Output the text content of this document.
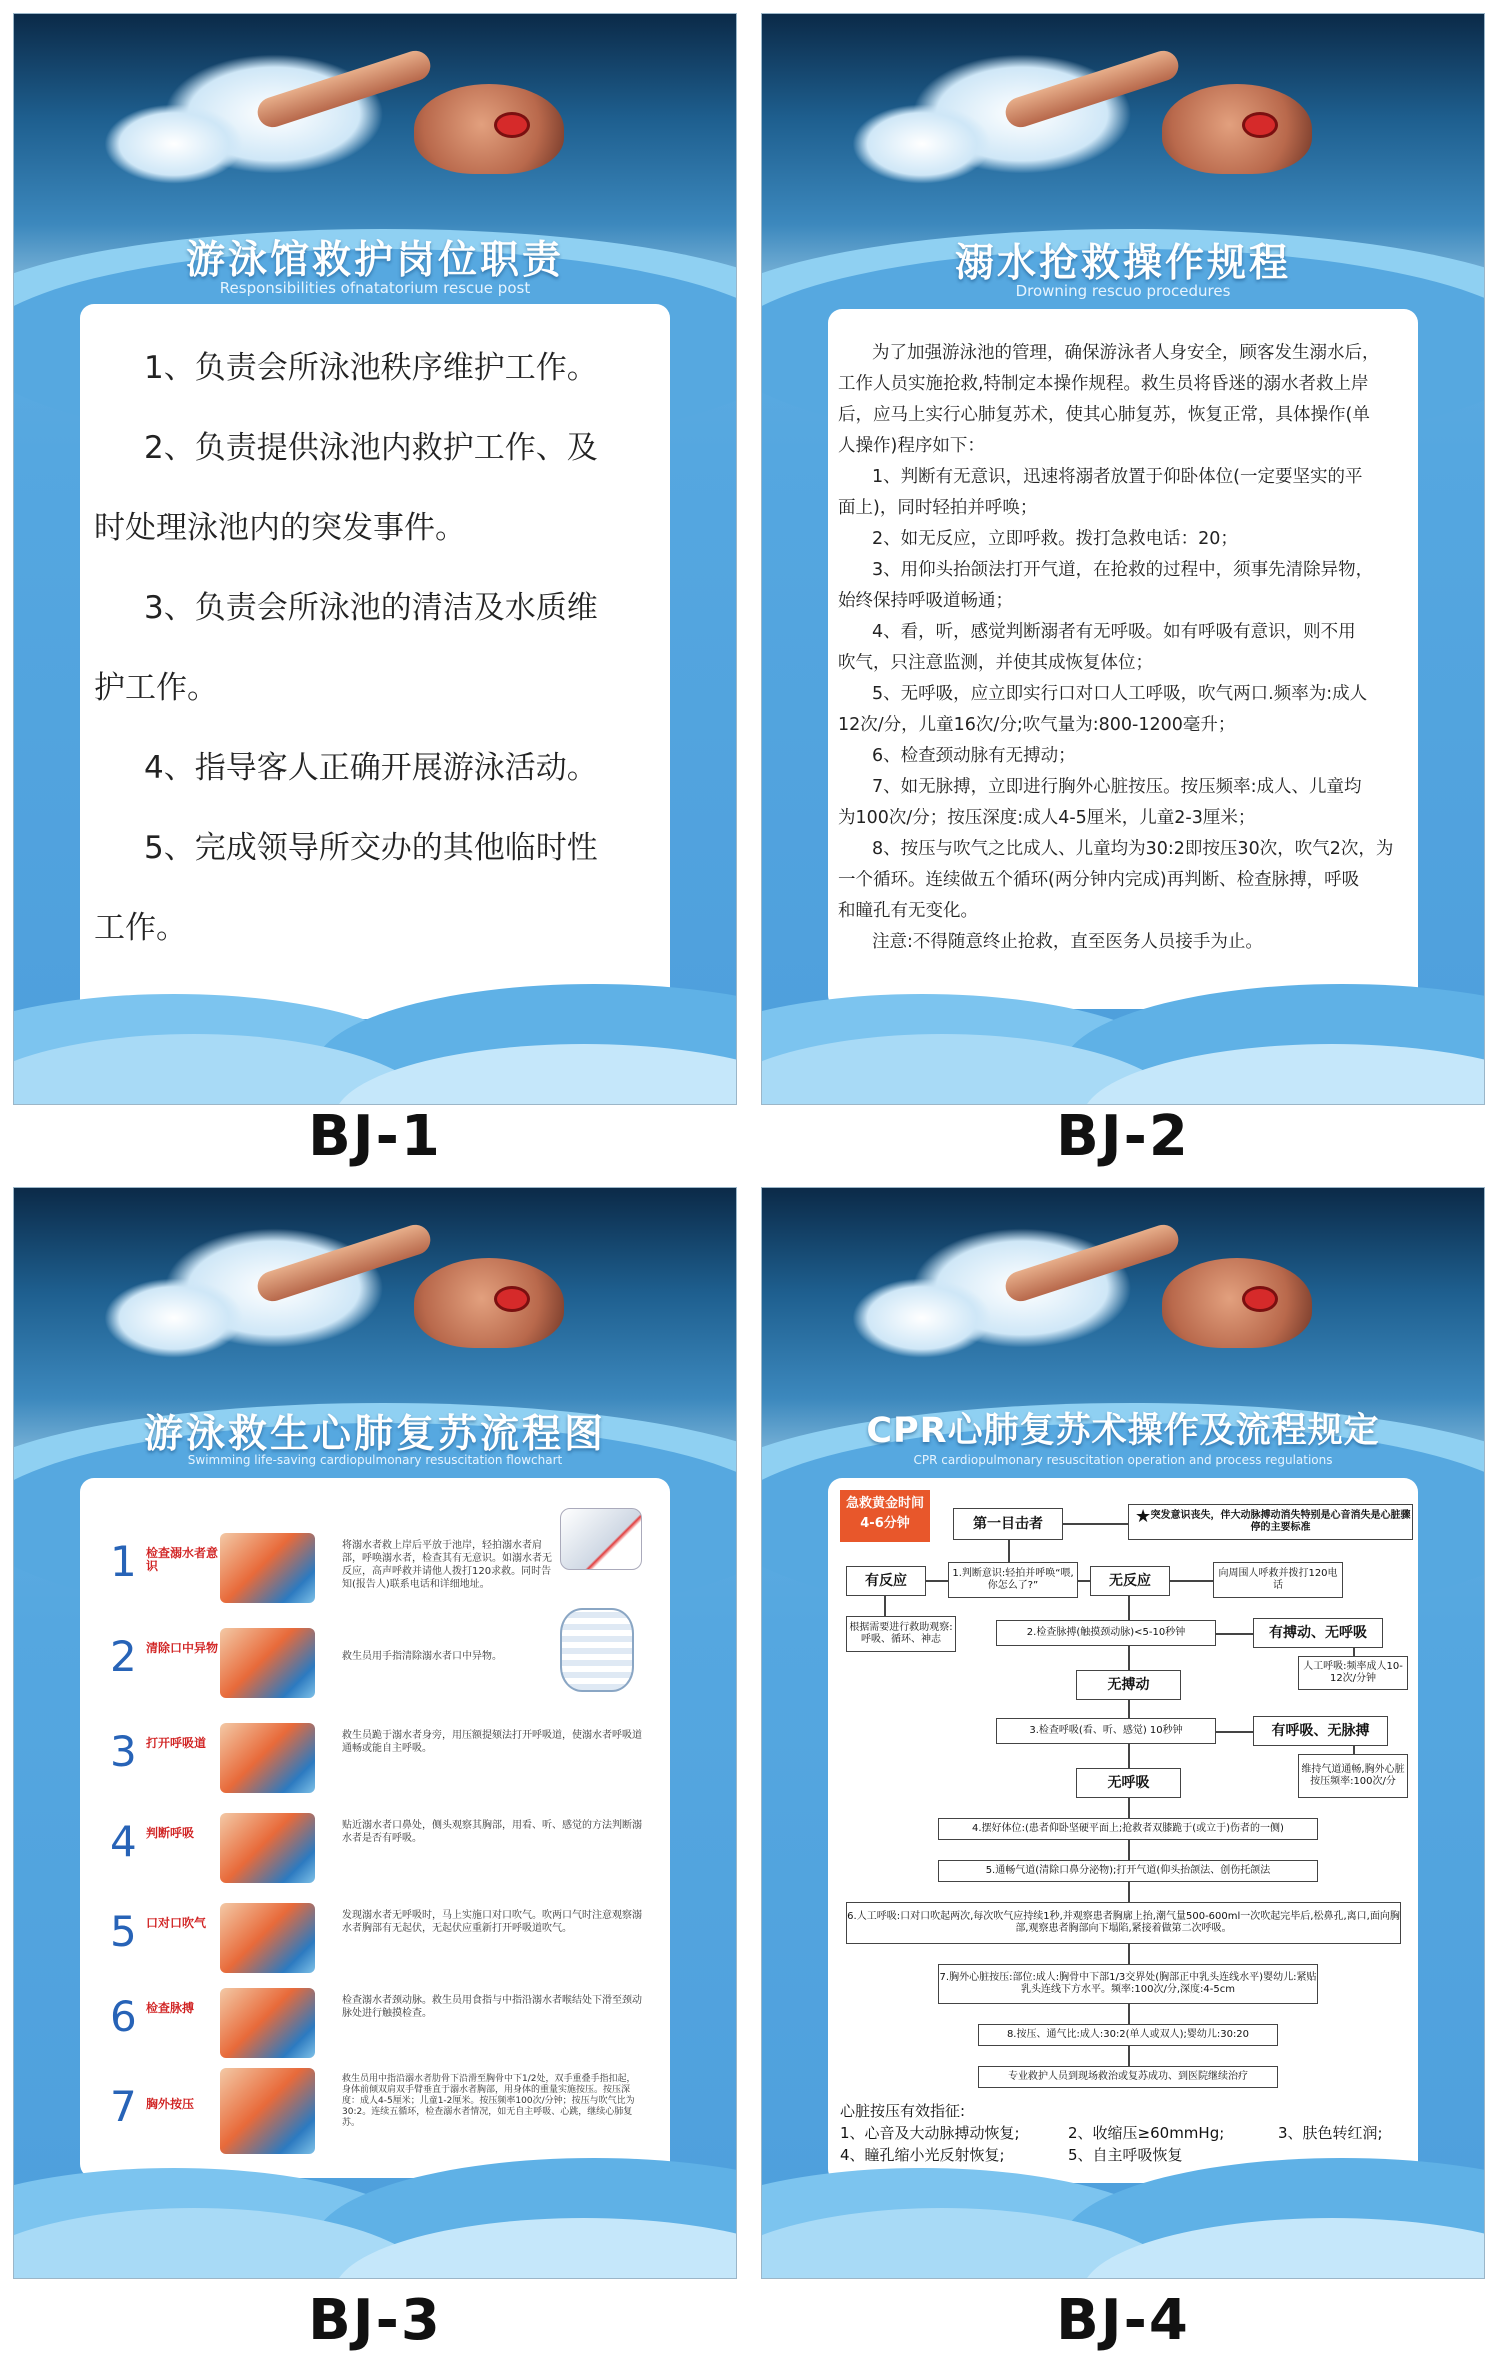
游泳馆救护岗位职责
Responsibilities ofnatatorium rescue post
1、负责会所泳池秩序维护工作。
2、负责提供泳池内救护工作、及
时处理泳池内的突发事件。
3、负责会所泳池的清洁及水质维
护工作。
4、指导客人正确开展游泳活动。
5、完成领导所交办的其他临时性
工作。
BJ-1
溺水抢救操作规程
Drowning rescuo procedures
为了加强游泳池的管理，确保游泳者人身安全，顾客发生溺水后，
工作人员实施抢救,特制定本操作规程。救生员将昏迷的溺水者救上岸
后，应马上实行心肺复苏术，使其心肺复苏，恢复正常，具体操作(单
人操作)程序如下：
1、判断有无意识，迅速将溺者放置于仰卧体位(一定要坚实的平
面上)，同时轻拍并呼唤；
2、如无反应，立即呼救。拨打急救电话：20；
3、用仰头抬颌法打开气道，在抢救的过程中，须事先清除异物，
始终保持呼吸道畅通；
4、看，听，感觉判断溺者有无呼吸。如有呼吸有意识，则不用
吹气，只注意监测，并使其成恢复体位；
5、无呼吸，应立即实行口对口人工呼吸，吹气两口.频率为:成人
12次/分，儿童16次/分;吹气量为:800-1200毫升；
6、检查颈动脉有无搏动；
7、如无脉搏，立即进行胸外心脏按压。按压频率:成人、儿童均
为100次/分；按压深度:成人4-5厘米，儿童2-3厘米；
8、按压与吹气之比成人、儿童均为30:2即按压30次，吹气2次，为
一个循环。连续做五个循环(两分钟内完成)再判断、检查脉搏，呼吸
和瞳孔有无变化。
注意:不得随意终止抢救，直至医务人员接手为止。
BJ-2
游泳救生心肺复苏流程图
Swimming life-saving cardiopulmonary resuscitation flowchart
1 检查溺水者意识
将溺水者救上岸后平放于池岸，轻拍溺水者肩部，呼唤溺水者，检查其有无意识。如溺水者无反应，高声呼救并请他人拨打120求救。同时告知(报告人)联系电话和详细地址。
2 清除口中异物
救生员用手指清除溺水者口中异物。
3 打开呼吸道
救生员跪于溺水者身旁，用压额提颏法打开呼吸道，使溺水者呼吸道通畅或能自主呼吸。
4 判断呼吸
贴近溺水者口鼻处，侧头观察其胸部，用看、听、感觉的方法判断溺水者是否有呼吸。
5 口对口吹气
发现溺水者无呼吸时，马上实施口对口吹气。吹两口气时注意观察溺水者胸部有无起伏，无起伏应重新打开呼吸道吹气。
6 检查脉搏
检查溺水者颈动脉。救生员用食指与中指沿溺水者喉结处下滑至颈动脉处进行触摸检查。
7 胸外按压
救生员用中指沿溺水者肋骨下沿滑至胸骨中下1/2处，双手重叠手指扣起，身体前倾双肩双手臂垂直于溺水者胸部，用身体的重量实施按压。按压深度：成人4-5厘米；儿童1-2厘米。按压频率100次/分钟；按压与吹气比为30:2。连续五循环，检查溺水者情况，如无自主呼吸、心跳，继续心肺复苏。
BJ-3
CPR心肺复苏术操作及流程规定
CPR cardiopulmonary resuscitation operation and process regulations
急救黄金时间
4-6分钟	第一目击者	★ 突发意识丧失，伴大动脉搏动消失特别是心音消失是心脏骤停的主要标准
有反应	1.判断意识:轻拍并呼唤“喂,你怎么了?”	无反应	向周围人呼救并拨打120电话
根据需要进行救助观察:呼吸、循环、神志
2.检查脉搏(触摸颈动脉)<5-10秒钟	有搏动、无呼吸
人工呼吸:频率成人10-12次/分钟
无搏动
3.检查呼吸(看、听、感觉) 10秒钟	有呼吸、无脉搏
维持气道通畅,胸外心脏按压频率:100次/分
无呼吸
4.摆好体位:(患者仰卧坚硬平面上;抢救者双膝跪于(或立于)伤者的一侧)
5.通畅气道(清除口鼻分泌物);打开气道(仰头抬颌法、创伤托颌法
6.人工呼吸:口对口吹起两次,每次吹气应持续1秒,并观察患者胸廓上抬,潮气量500-600ml一次吹起完毕后,松鼻孔,离口,面向胸部,观察患者胸部向下塌陷,紧接着做第二次呼吸。
7.胸外心脏按压:部位:成人:胸骨中下部1/3交界处(胸部正中乳头连线水平)婴幼儿:紧贴乳头连线下方水平。频率:100次/分,深度:4-5cm
8.按压、通气比:成人:30:2(单人或双人);婴幼儿:30:20
专业救护人员到现场救治或复苏成功、到医院继续治疗
心脏按压有效指征:
1、心音及大动脉搏动恢复;	2、收缩压≥60mmHg;	3、肤色转红润;
4、瞳孔缩小光反射恢复;	5、自主呼吸恢复
BJ-4
